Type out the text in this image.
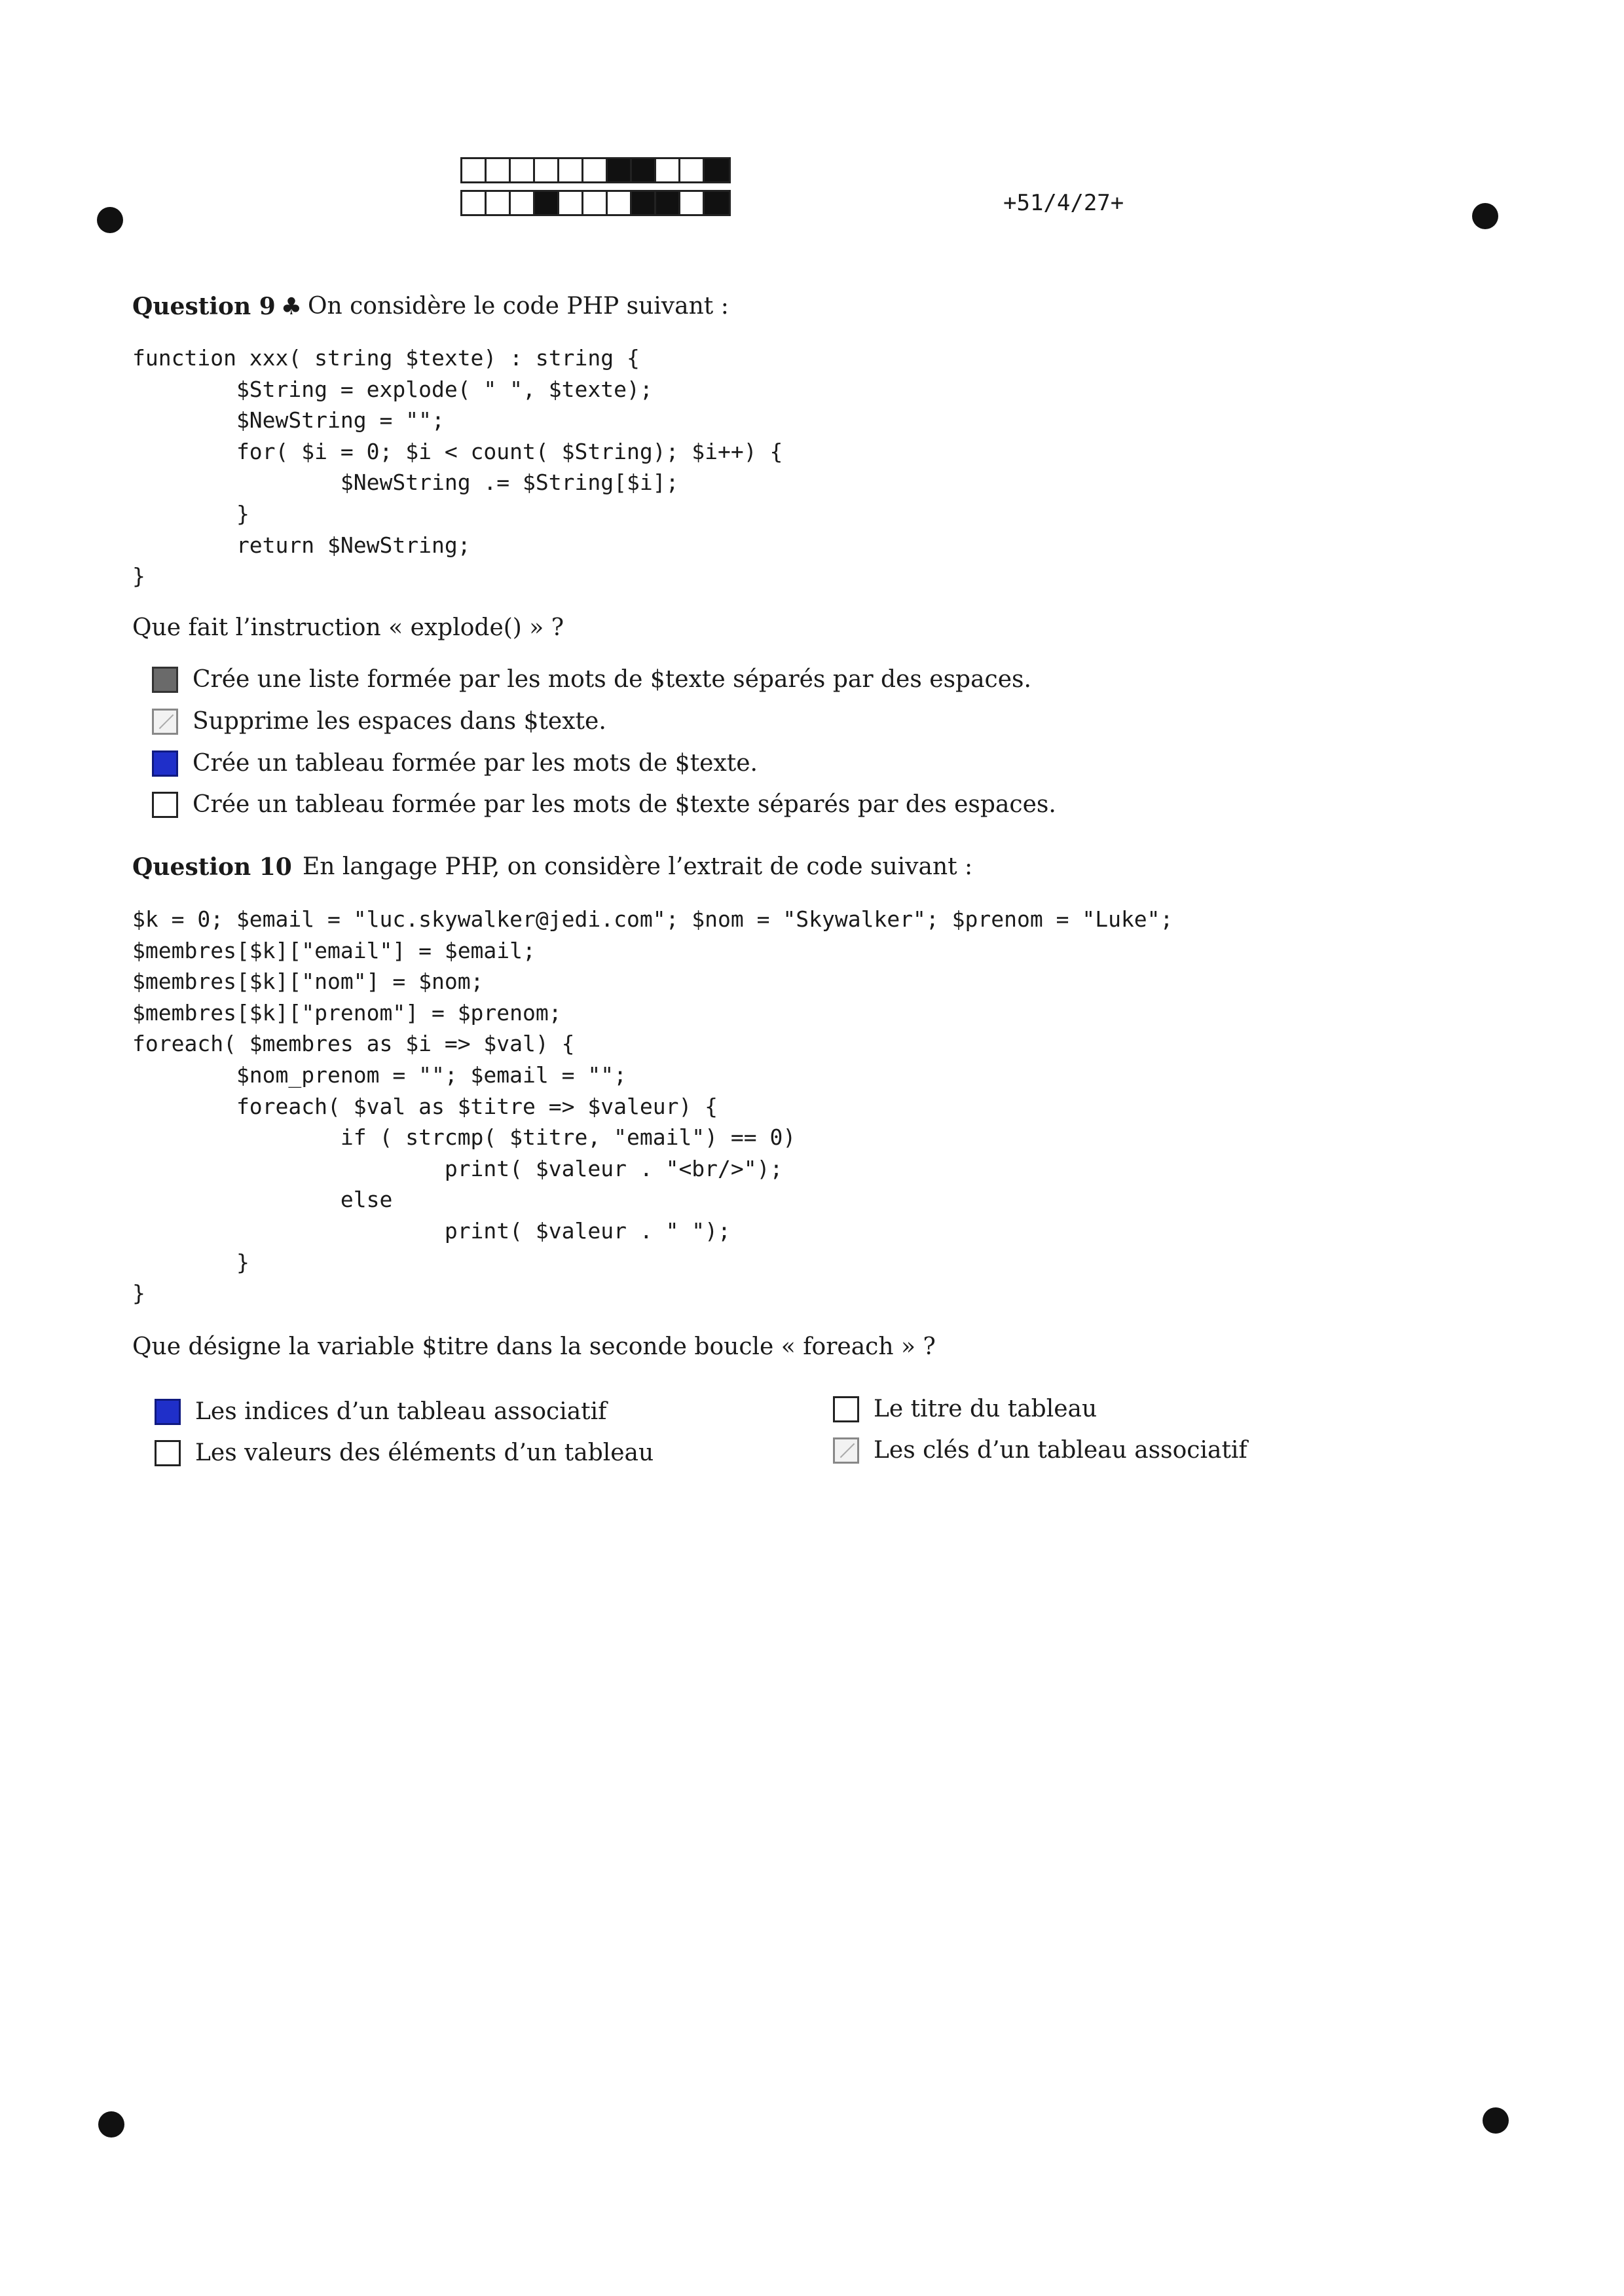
+51/4/27+
Question 9 ♣ On considère le code PHP suivant :
function xxx( string $texte) : string {
$String = explode( " ", $texte);
$NewString = "";
for( $i = 0; $i < count( $String); $i++) {
$NewString .= $String[$i];
}
return $NewString;
}
Que fait l’instruction « explode() » ?
Crée une liste formée par les mots de $texte séparés par des espaces.
Supprime les espaces dans $texte.
Crée un tableau formée par les mots de $texte.
Crée un tableau formée par les mots de $texte séparés par des espaces.
Question 10 En langage PHP, on considère l’extrait de code suivant :
$k = 0; $email = "luc.skywalker@jedi.com"; $nom = "Skywalker"; $prenom = "Luke";
$membres[$k]["email"] = $email;
$membres[$k]["nom"] = $nom;
$membres[$k]["prenom"] = $prenom;
foreach( $membres as $i => $val) {
$nom_prenom = ""; $email = "";
foreach( $val as $titre => $valeur) {
if ( strcmp( $titre, "email") == 0)
print( $valeur . "<br/>");
else
print( $valeur . " ");
}
}
Que désigne la variable $titre dans la seconde boucle « foreach » ?
Les indices d’un tableau associatif
Les valeurs des éléments d’un tableau
Le titre du tableau
Les clés d’un tableau associatif
